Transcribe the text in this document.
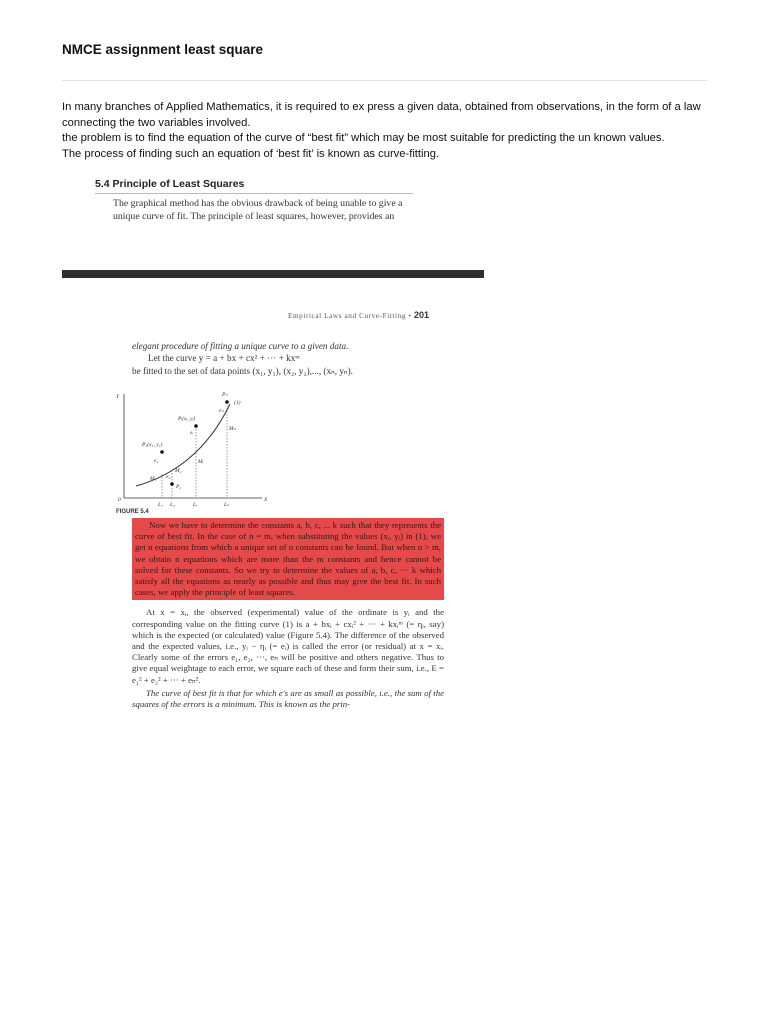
NMCE assignment least square

In many branches of Applied Mathematics, it is required to ex press a given data, obtained from observations, in the form of a law connecting the two variables involved.

the problem is to find the equation of the curve of “best fit” which may be most suitable for predicting the un known values.

The process of finding such an equation of ‘best fit’ is known as curve-fitting.

5.4 Principle of Least Squares
The graphical method has the obvious drawback of being unable to give a unique curve of fit. The principle of least squares, however, provides an
Empirical Laws and Curve-Fitting • 201
elegant procedure of fitting a unique curve to a given data.
Let the curve y = a + bx + cx² + ··· + kxᵐ
be fitted to the set of data points (x₁, y₁), (x₂, y₂),..., (xₙ, yₙ).
Y
X
0
(1)
P₁(x₁, y₁)
Pᵢ(xᵢ, yᵢ)
Pₙ
M₁
M₂
Mᵢ
Mₙ
P₂
e₁
e₂
eᵢ
eₙ
L₁ L₂	Lᵢ	Lₙ
FIGURE 5.4
Now we have to determine the constants a, b, c, ... k such that they represents the curve of best fit. In the case of n = m, when substituting the values (xᵢ, yᵢ) in (1), we get n equations from which a unique set of n constants can be found. But when n > m, we obtain n equations which are more than the m constants and hence cannot be solved for these constants. So we try to determine the values of a, b, c, ··· k which satisfy all the equations as nearly as possible and thus may give the best fit. In such cases, we apply the principle of least squares.
At x = xᵢ, the observed (experimental) value of the ordinate is yᵢ and the corresponding value on the fitting curve (1) is a + bxᵢ + cxᵢ² + ··· + kxᵢᵐ (= ηᵢ, say) which is the expected (or calculated) value (Figure 5.4). The difference of the observed and the expected values, i.e., yᵢ − ηᵢ (= eᵢ) is called the error (or residual) at x = xᵢ. Clearly some of the errors e₁, e₂, ···, eₙ will be positive and others negative. Thus to give equal weightage to each error, we square each of these and form their sum, i.e., E = e₁² + e₂² + ··· + eₙ².
The curve of best fit is that for which e's are as small as possible, i.e., the sum of the squares of the errors is a minimum. This is known as the prin-
